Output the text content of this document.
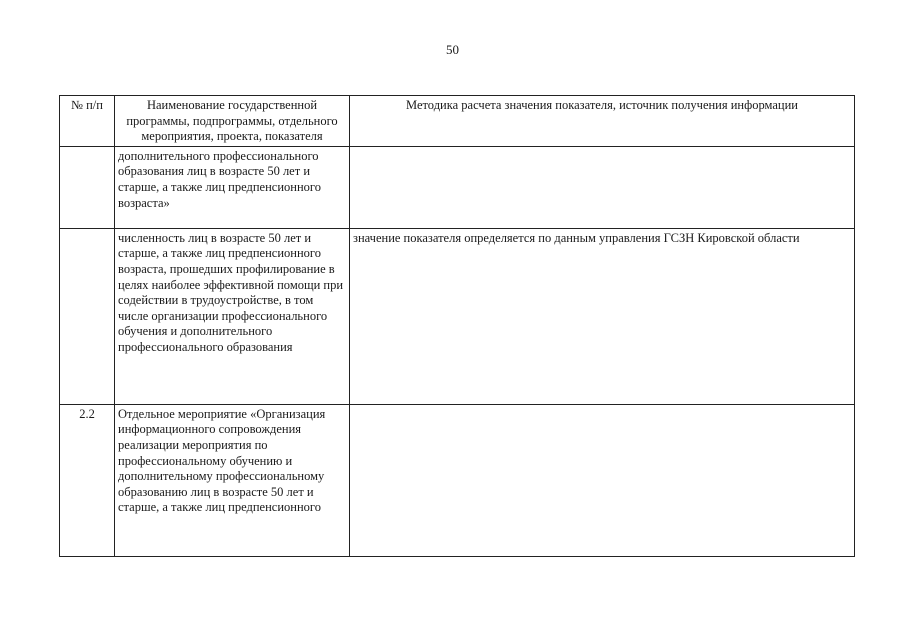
50
№ п/п	Наименование государственной программы, подпрограммы, отдельного мероприятия, проекта, показателя	Методика расчета значения показателя, источник получения информации
	дополнительного профессионального образования лиц в возрасте 50 лет и старше, а также лиц предпенсионного возраста»	
	численность лиц в возрасте 50 лет и старше, а также лиц предпенсионного возраста, прошедших профилирование в целях наиболее эффективной помощи при содействии в трудоустройстве, в том числе организации профессионального обучения и дополнительного профессионального образования	значение показателя определяется по данным управления ГСЗН Кировской области
2.2	Отдельное мероприятие «Организация информационного сопровождения реализации мероприятия по профессиональному обучению и дополнительному профессиональному образованию лиц в возрасте 50 лет и старше, а также лиц предпенсионного	
